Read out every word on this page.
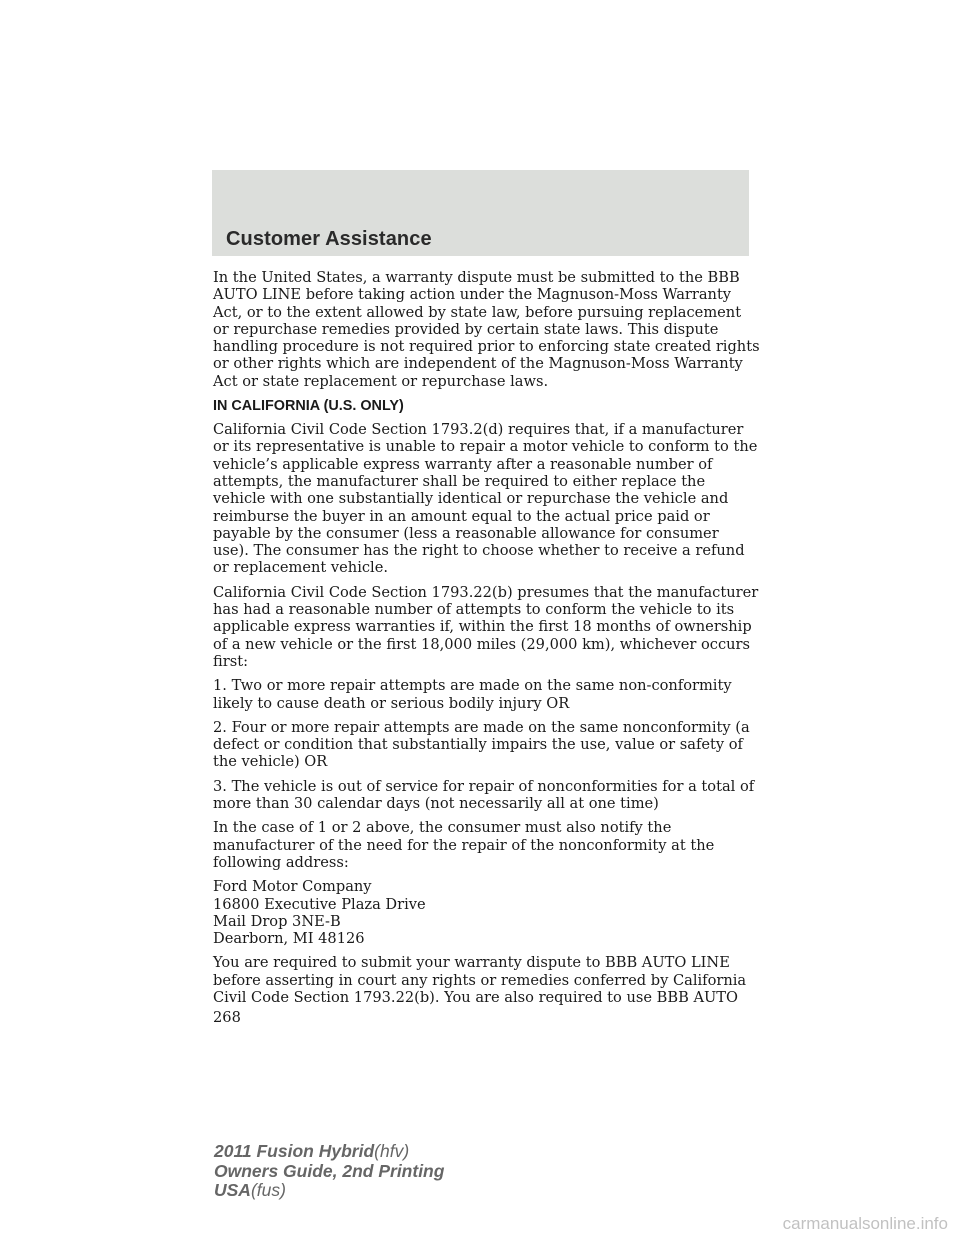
Customer Assistance

In the United States, a warranty dispute must be submitted to the BBB
AUTO LINE before taking action under the Magnuson-Moss Warranty
Act, or to the extent allowed by state law, before pursuing replacement
or repurchase remedies provided by certain state laws. This dispute
handling procedure is not required prior to enforcing state created rights
or other rights which are independent of the Magnuson-Moss Warranty
Act or state replacement or repurchase laws.

IN CALIFORNIA (U.S. ONLY)

California Civil Code Section 1793.2(d) requires that, if a manufacturer
or its representative is unable to repair a motor vehicle to conform to the
vehicle’s applicable express warranty after a reasonable number of
attempts, the manufacturer shall be required to either replace the
vehicle with one substantially identical or repurchase the vehicle and
reimburse the buyer in an amount equal to the actual price paid or
payable by the consumer (less a reasonable allowance for consumer
use). The consumer has the right to choose whether to receive a refund
or replacement vehicle.

California Civil Code Section 1793.22(b) presumes that the manufacturer
has had a reasonable number of attempts to conform the vehicle to its
applicable express warranties if, within the first 18 months of ownership
of a new vehicle or the first 18,000 miles (29,000 km), whichever occurs
first:

1. Two or more repair attempts are made on the same non-conformity
likely to cause death or serious bodily injury OR

2. Four or more repair attempts are made on the same nonconformity (a
defect or condition that substantially impairs the use, value or safety of
the vehicle) OR

3. The vehicle is out of service for repair of nonconformities for a total of
more than 30 calendar days (not necessarily all at one time)

In the case of 1 or 2 above, the consumer must also notify the
manufacturer of the need for the repair of the nonconformity at the
following address:

Ford Motor Company
16800 Executive Plaza Drive
Mail Drop 3NE-B
Dearborn, MI 48126

You are required to submit your warranty dispute to BBB AUTO LINE
before asserting in court any rights or remedies conferred by California
Civil Code Section 1793.22(b). You are also required to use BBB AUTO

268
2011 Fusion Hybrid(hfv)
Owners Guide, 2nd Printing
USA(fus)
carmanualsonline.info
